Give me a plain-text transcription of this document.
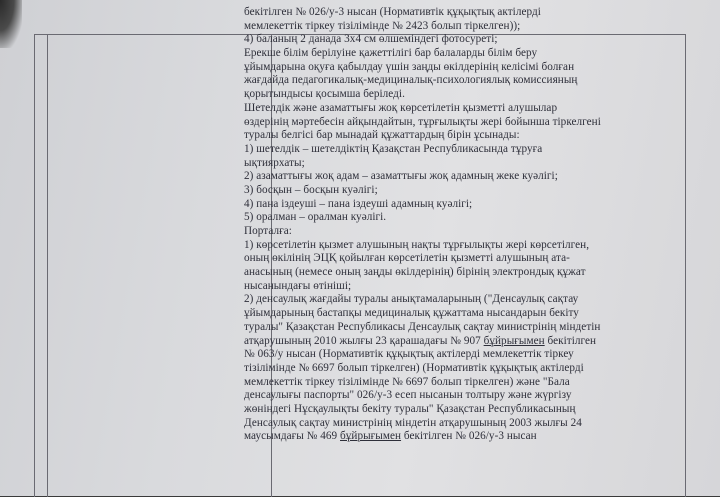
бекітілген № 026/у-3 нысан (Нормативтік құқықтық актілерді
мемлекеттік тіркеу тізілімінде № 2423 болып тіркелген));
4) баланың 2 данада 3х4 см өлшеміндегі фотосуреті;
Ерекше білім берілуіне қажеттілігі бар балаларды білім беру
ұйымдарына оқуға қабылдау үшін заңды өкілдерінің келісімі болған
жағдайда педагогикалық-медициналық-психологиялық комиссияның
қорытындысы қосымша беріледі.
Шетелдік және азаматтығы жоқ көрсетілетін қызметті алушылар
өздерінің мәртебесін айқындайтын, тұрғылықты жері бойынша тіркелгені
туралы белгісі бар мынадай құжаттардың бірін ұсынады:
1) шетелдік – шетелдіктің Қазақстан Республикасында тұруға
ықтиярхаты;
2) азаматтығы жоқ адам – азаматтығы жоқ адамның жеке куәлігі;
3) босқын – босқын куәлігі;
4) пана іздеуші – пана іздеуші адамның куәлігі;
5) оралман – оралман куәлігі.
Порталға:
1) көрсетілетін қызмет алушының нақты тұрғылықты жері көрсетілген,
оның өкілінің ЭЦҚ қойылған көрсетілетін қызметті алушының ата-
анасының (немесе оның заңды өкілдерінің) бірінің электрондық құжат
нысанындағы өтініші;
2) денсаулық жағдайы туралы анықтамаларының ("Денсаулық сақтау
ұйымдарының бастапқы медициналық құжаттама нысандарын бекіту
туралы" Қазақстан Республикасы Денсаулық сақтау министрінің міндетін
атқарушының 2010 жылғы 23 қарашадағы № 907 бұйрығымен бекітілген
№ 063/у нысан (Нормативтік құқықтық актілерді мемлекеттік тіркеу
тізілімінде № 6697 болып тіркелген) (Нормативтік құқықтық актілерді
мемлекеттік тіркеу тізілімінде № 6697 болып тіркелген) және "Бала
денсаулығы паспорты" 026/у-3 есеп нысанын толтыру және жүргізу
жөніндегі Нұсқаулықты бекіту туралы" Қазақстан Республикасының
Денсаулық сақтау министрінің міндетін атқарушының 2003 жылғы 24
маусымдағы № 469 бұйрығымен бекітілген № 026/у-3 нысан
